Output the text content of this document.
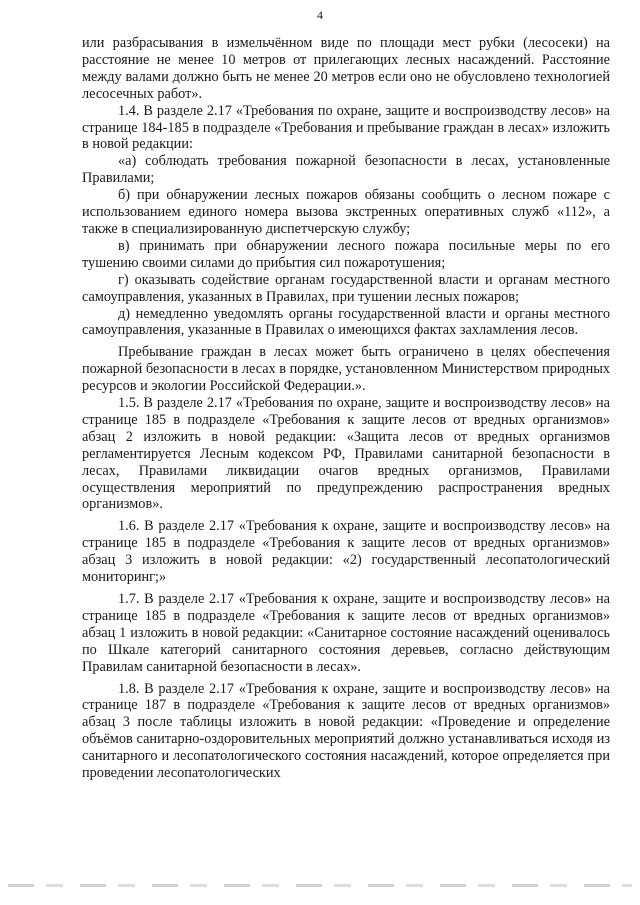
4

или разбрасывания в измельчённом виде по площади мест рубки (лесосеки) на расстояние не менее 10 метров от прилегающих лесных насаждений. Расстояние между валами должно быть не менее 20 метров если оно не обусловлено технологией лесосечных работ».

1.4. В разделе 2.17 «Требования по охране, защите и воспроизводству лесов» на странице 184-185 в подразделе «Требования и пребывание граждан в лесах» изложить в новой редакции:

«а) соблюдать требования пожарной безопасности в лесах, установленные Правилами;

б) при обнаружении лесных пожаров обязаны сообщить о лесном пожаре с использованием единого номера вызова экстренных оперативных служб «112», а также в специализированную диспетчерскую службу;

в) принимать при обнаружении лесного пожара посильные меры по его тушению своими силами до прибытия сил пожаротушения;

г) оказывать содействие органам государственной власти и органам местного самоуправления, указанных в Правилах, при тушении лесных пожаров;

д) немедленно уведомлять органы государственной власти и органы местного самоуправления, указанные в Правилах о имеющихся фактах захламления лесов.

Пребывание граждан в лесах может быть ограничено в целях обеспечения пожарной безопасности в лесах в порядке, установленном Министерством природных ресурсов и экологии Российской Федерации.».

1.5. В разделе 2.17 «Требования по охране, защите и воспроизводству лесов» на странице 185 в подразделе «Требования к защите лесов от вредных организмов» абзац 2 изложить в новой редакции: «Защита лесов от вредных организмов регламентируется Лесным кодексом РФ, Правилами санитарной безопасности в лесах, Правилами ликвидации очагов вредных организмов, Правилами осуществления мероприятий по предупреждению распространения вредных организмов».

1.6. В разделе 2.17 «Требования к охране, защите и воспроизводству лесов» на странице 185 в подразделе «Требования к защите лесов от вредных организмов» абзац 3 изложить в новой редакции: «2) государственный лесопатологический мониторинг;»

1.7. В разделе 2.17 «Требования к охране, защите и воспроизводству лесов» на странице 185 в подразделе «Требования к защите лесов от вредных организмов» абзац 1 изложить в новой редакции: «Санитарное состояние насаждений оценивалось по Шкале категорий санитарного состояния деревьев, согласно действующим Правилам санитарной безопасности в лесах».

1.8. В разделе 2.17 «Требования к охране, защите и воспроизводству лесов» на странице 187 в подразделе «Требования к защите лесов от вредных организмов» абзац 3 после таблицы изложить в новой редакции: «Проведение и определение объёмов санитарно-оздоровительных мероприятий должно устанавливаться исходя из санитарного и лесопатологического состояния насаждений, которое определяется при проведении лесопатологических
